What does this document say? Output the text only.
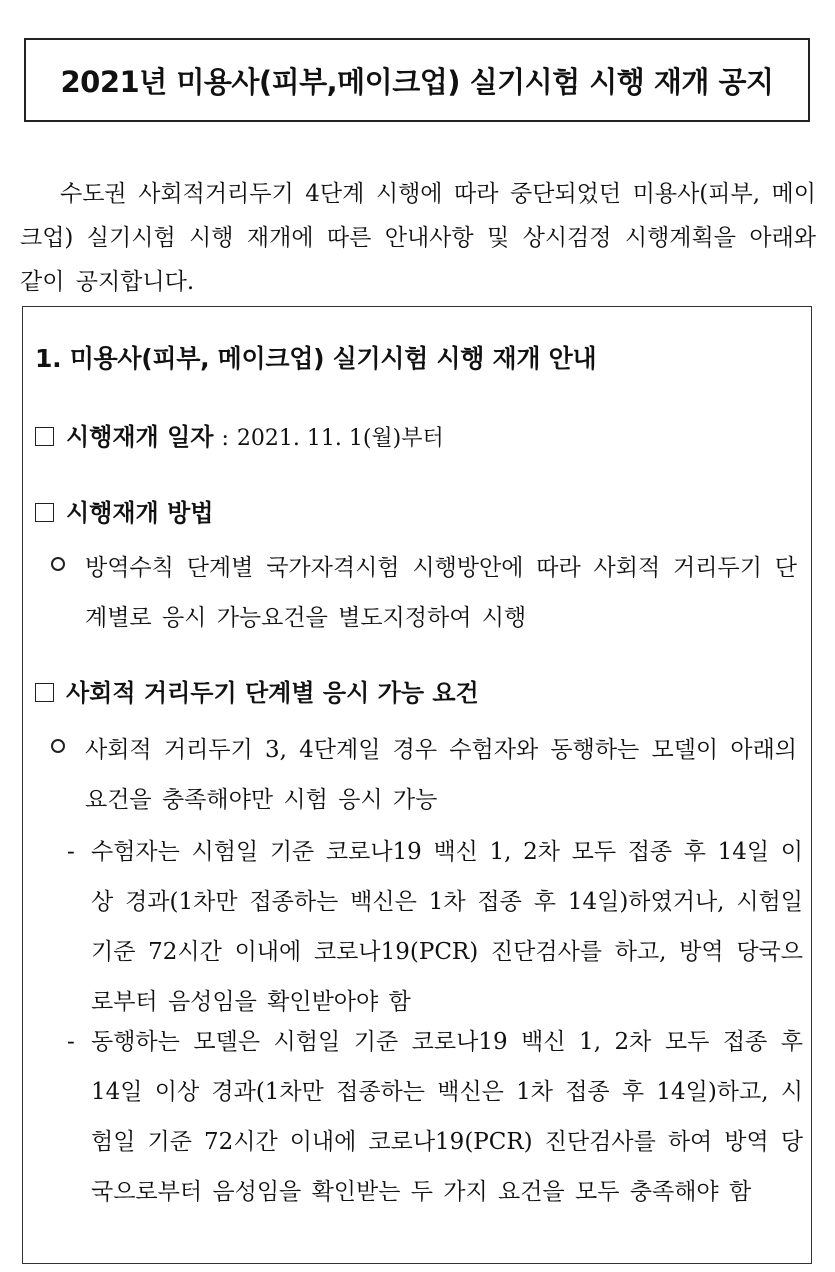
2021년 미용사(피부,메이크업) 실기시험 시행 재개 공지
수도권 사회적거리두기 4단계 시행에 따라 중단되었던 미용사(피부, 메이크업) 실기시험 시행 재개에 따른 안내사항 및 상시검정 시행계획을 아래와 같이 공지합니다.
1. 미용사(피부, 메이크업) 실기시험 시행 재개 안내
시행재개 일자 : 2021. 11. 1(월)부터
시행재개 방법
방역수칙 단계별 국가자격시험 시행방안에 따라 사회적 거리두기 단계별로 응시 가능요건을 별도지정하여 시행
사회적 거리두기 단계별 응시 가능 요건
사회적 거리두기 3, 4단계일 경우 수험자와 동행하는 모델이 아래의 요건을 충족해야만 시험 응시 가능
- 수험자는 시험일 기준 코로나19 백신 1, 2차 모두 접종 후 14일 이상 경과(1차만 접종하는 백신은 1차 접종 후 14일)하였거나, 시험일 기준 72시간 이내에 코로나19(PCR) 진단검사를 하고, 방역 당국으로부터 음성임을 확인받아야 함
- 동행하는 모델은 시험일 기준 코로나19 백신 1, 2차 모두 접종 후 14일 이상 경과(1차만 접종하는 백신은 1차 접종 후 14일)하고, 시험일 기준 72시간 이내에 코로나19(PCR) 진단검사를 하여 방역 당국으로부터 음성임을 확인받는 두 가지 요건을 모두 충족해야 함
